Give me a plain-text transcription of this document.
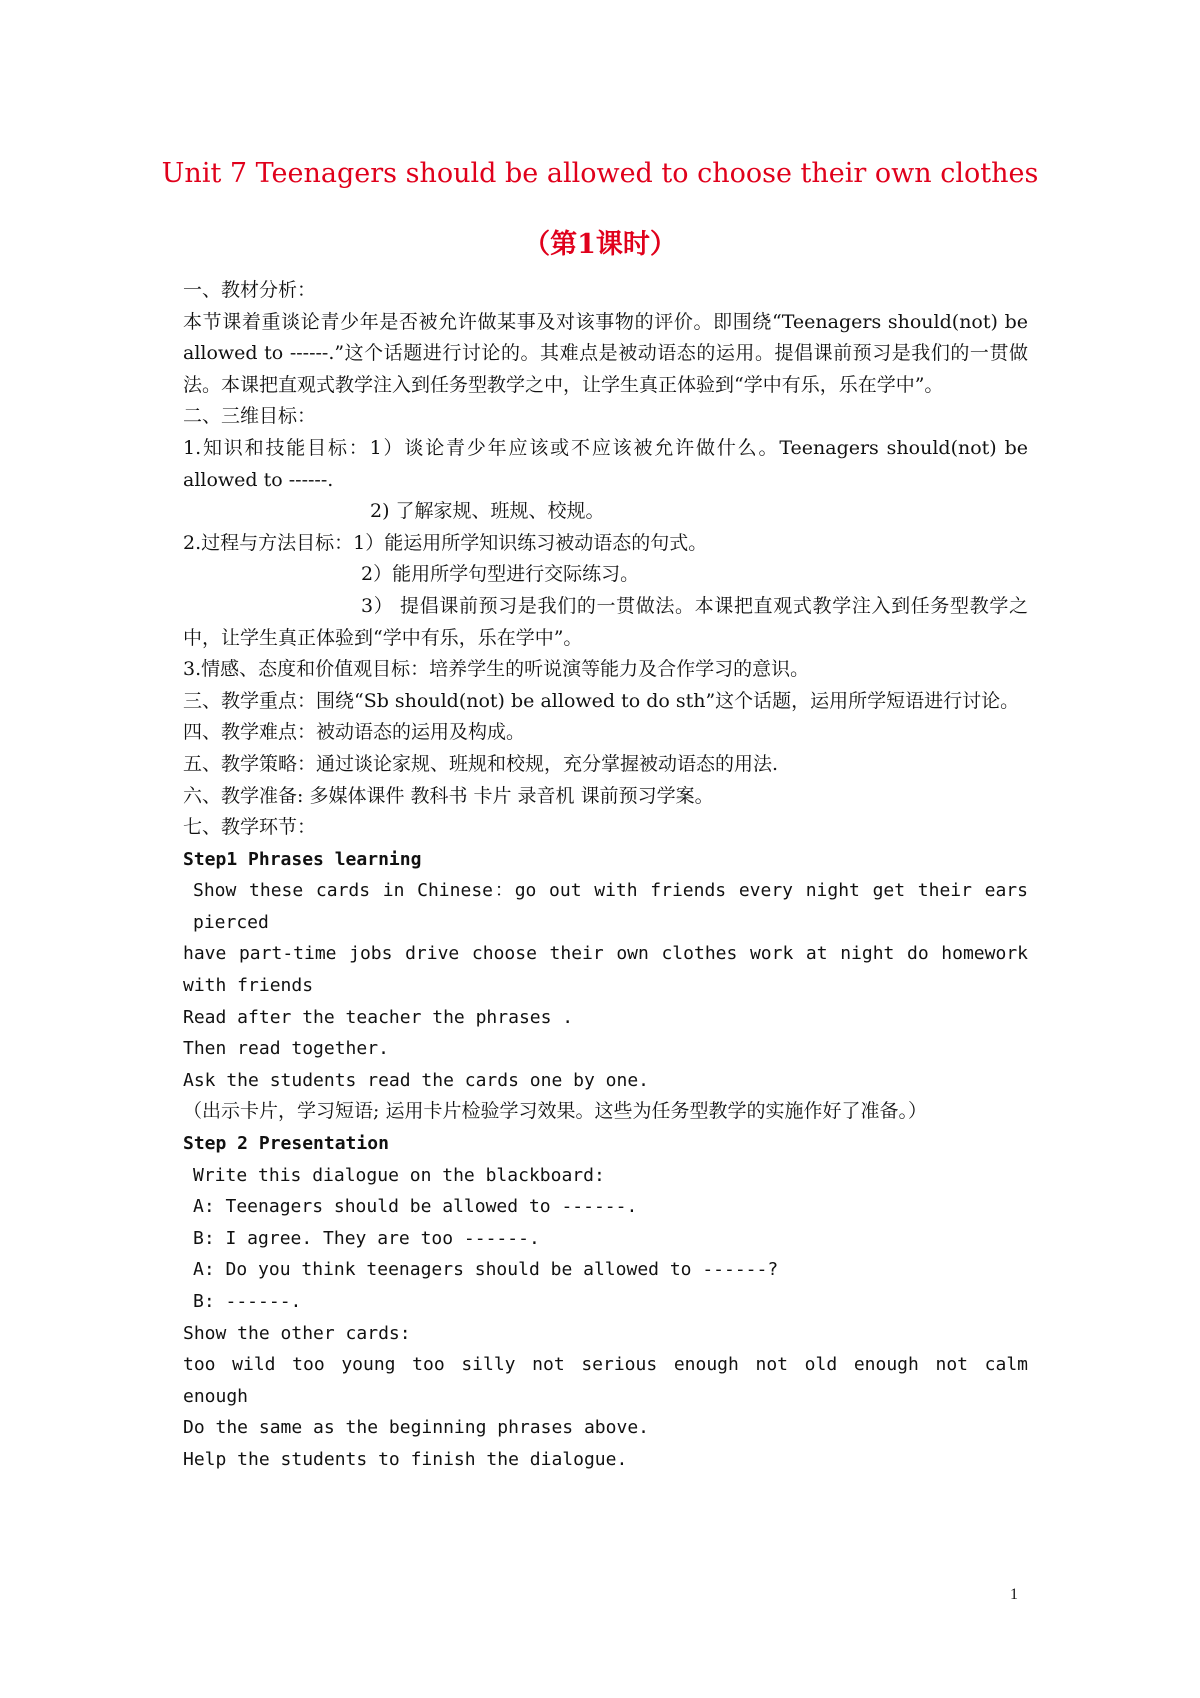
Unit 7 Teenagers should be allowed to choose their own clothes
（第1课时）

一、教材分析：

本节课着重谈论青少年是否被允许做某事及对该事物的评价。即围绕“Teenagers should(not) be allowed to ------.”这个话题进行讨论的。其难点是被动语态的运用。提倡课前预习是我们的一贯做法。本课把直观式教学注入到任务型教学之中，让学生真正体验到“学中有乐，乐在学中”。

二、三维目标：

1.知识和技能目标：1）谈论青少年应该或不应该被允许做什么。Teenagers should(not) be allowed to ------.

2) 了解家规、班规、校规。

2.过程与方法目标：1）能运用所学知识练习被动语态的句式。

2）能用所学句型进行交际练习。

3） 提倡课前预习是我们的一贯做法。本课把直观式教学注入到任务型教学之中，让学生真正体验到“学中有乐，乐在学中”。

3.情感、态度和价值观目标：培养学生的听说演等能力及合作学习的意识。

三、教学重点：围绕“Sb should(not) be allowed to do sth”这个话题，运用所学短语进行讨论。

四、教学难点：被动语态的运用及构成。

五、教学策略：通过谈论家规、班规和校规，充分掌握被动语态的用法.

六、教学准备: 多媒体课件 教科书 卡片 录音机 课前预习学案。

七、教学环节：

Step1 Phrases learning

Show these cards in Chinese：go out with friends every night get their ears pierced

have part-time jobs drive choose their own clothes work at night do homework with friends

Read after the teacher the phrases .

Then read together.

Ask the students read the cards one by one.

（出示卡片，学习短语; 运用卡片检验学习效果。这些为任务型教学的实施作好了准备。）

Step 2 Presentation

Write this dialogue on the blackboard:

A: Teenagers should be allowed to ------.

B: I agree. They are too ------.

A: Do you think teenagers should be allowed to ------?

B: ------.

Show the other cards:

too wild too young too silly not serious enough not old enough not calm enough

Do the same as the beginning phrases above.

Help the students to finish the dialogue.

1
